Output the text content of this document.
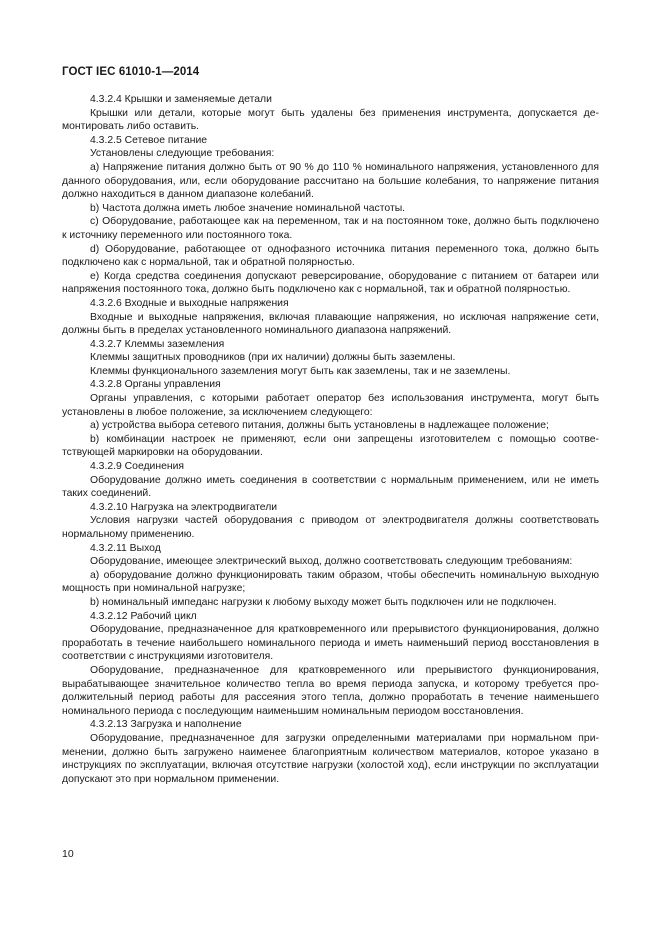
ГОСТ IEC 61010-1—2014

4.3.2.4 Крышки и заменяемые детали

Крышки или детали, которые могут быть удалены без применения инструмента, допускается демонтировать либо оставить.

4.3.2.5 Сетевое питание

Установлены следующие требования:

a) Напряжение питания должно быть от 90 % до 110 % номинального напряжения, установленного для данного оборудования, или, если оборудование рассчитано на большие колебания, то напряжение питания должно находиться в данном диапазоне колебаний.

b) Частота должна иметь любое значение номинальной частоты.

c) Оборудование, работающее как на переменном, так и на постоянном токе, должно быть подключено к источнику переменного или постоянного тока.

d) Оборудование, работающее от однофазного источника питания переменного тока, должно быть подключено как с нормальной, так и обратной полярностью.

e) Когда средства соединения допускают реверсирование, оборудование с питанием от батареи или напряжения постоянного тока, должно быть подключено как с нормальной, так и обратной полярностью.

4.3.2.6 Входные и выходные напряжения

Входные и выходные напряжения, включая плавающие напряжения, но исключая напряжение сети, должны быть в пределах установленного номинального диапазона напряжений.

4.3.2.7 Клеммы заземления

Клеммы защитных проводников (при их наличии) должны быть заземлены.

Клеммы функционального заземления могут быть как заземлены, так и не заземлены.

4.3.2.8 Органы управления

Органы управления, с которыми работает оператор без использования инструмента, могут быть установлены в любое положение, за исключением следующего:

a) устройства выбора сетевого питания, должны быть установлены в надлежащее положение;

b) комбинации настроек не применяют, если они запрещены изготовителем с помощью соответствующей маркировки на оборудовании.

4.3.2.9 Соединения

Оборудование должно иметь соединения в соответствии с нормальным применением, или не иметь таких соединений.

4.3.2.10 Нагрузка на электродвигатели

Условия нагрузки частей оборудования с приводом от электродвигателя должны соответствовать нормальному применению.

4.3.2.11 Выход

Оборудование, имеющее электрический выход, должно соответствовать следующим требованиям:

a) оборудование должно функционировать таким образом, чтобы обеспечить номинальную выходную мощность при номинальной нагрузке;

b) номинальный импеданс нагрузки к любому выходу может быть подключен или не подключен.

4.3.2.12 Рабочий цикл

Оборудование, предназначенное для кратковременного или прерывистого функционирования, должно проработать в течение наибольшего номинального периода и иметь наименьший период восстановления в соответствии с инструкциями изготовителя.

Оборудование, предназначенное для кратковременного или прерывистого функционирования, вырабатывающее значительное количество тепла во время периода запуска, и которому требуется продолжительный период работы для рассеяния этого тепла, должно проработать в течение наименьшего номинального периода с последующим наименьшим номинальным периодом восстановления.

4.3.2.13 Загрузка и наполнение

Оборудование, предназначенное для загрузки определенными материалами при нормальном применении, должно быть загружено наименее благоприятным количеством материалов, которое указано в инструкциях по эксплуатации, включая отсутствие нагрузки (холостой ход), если инструкции по эксплуатации допускают это при нормальном применении.

10
